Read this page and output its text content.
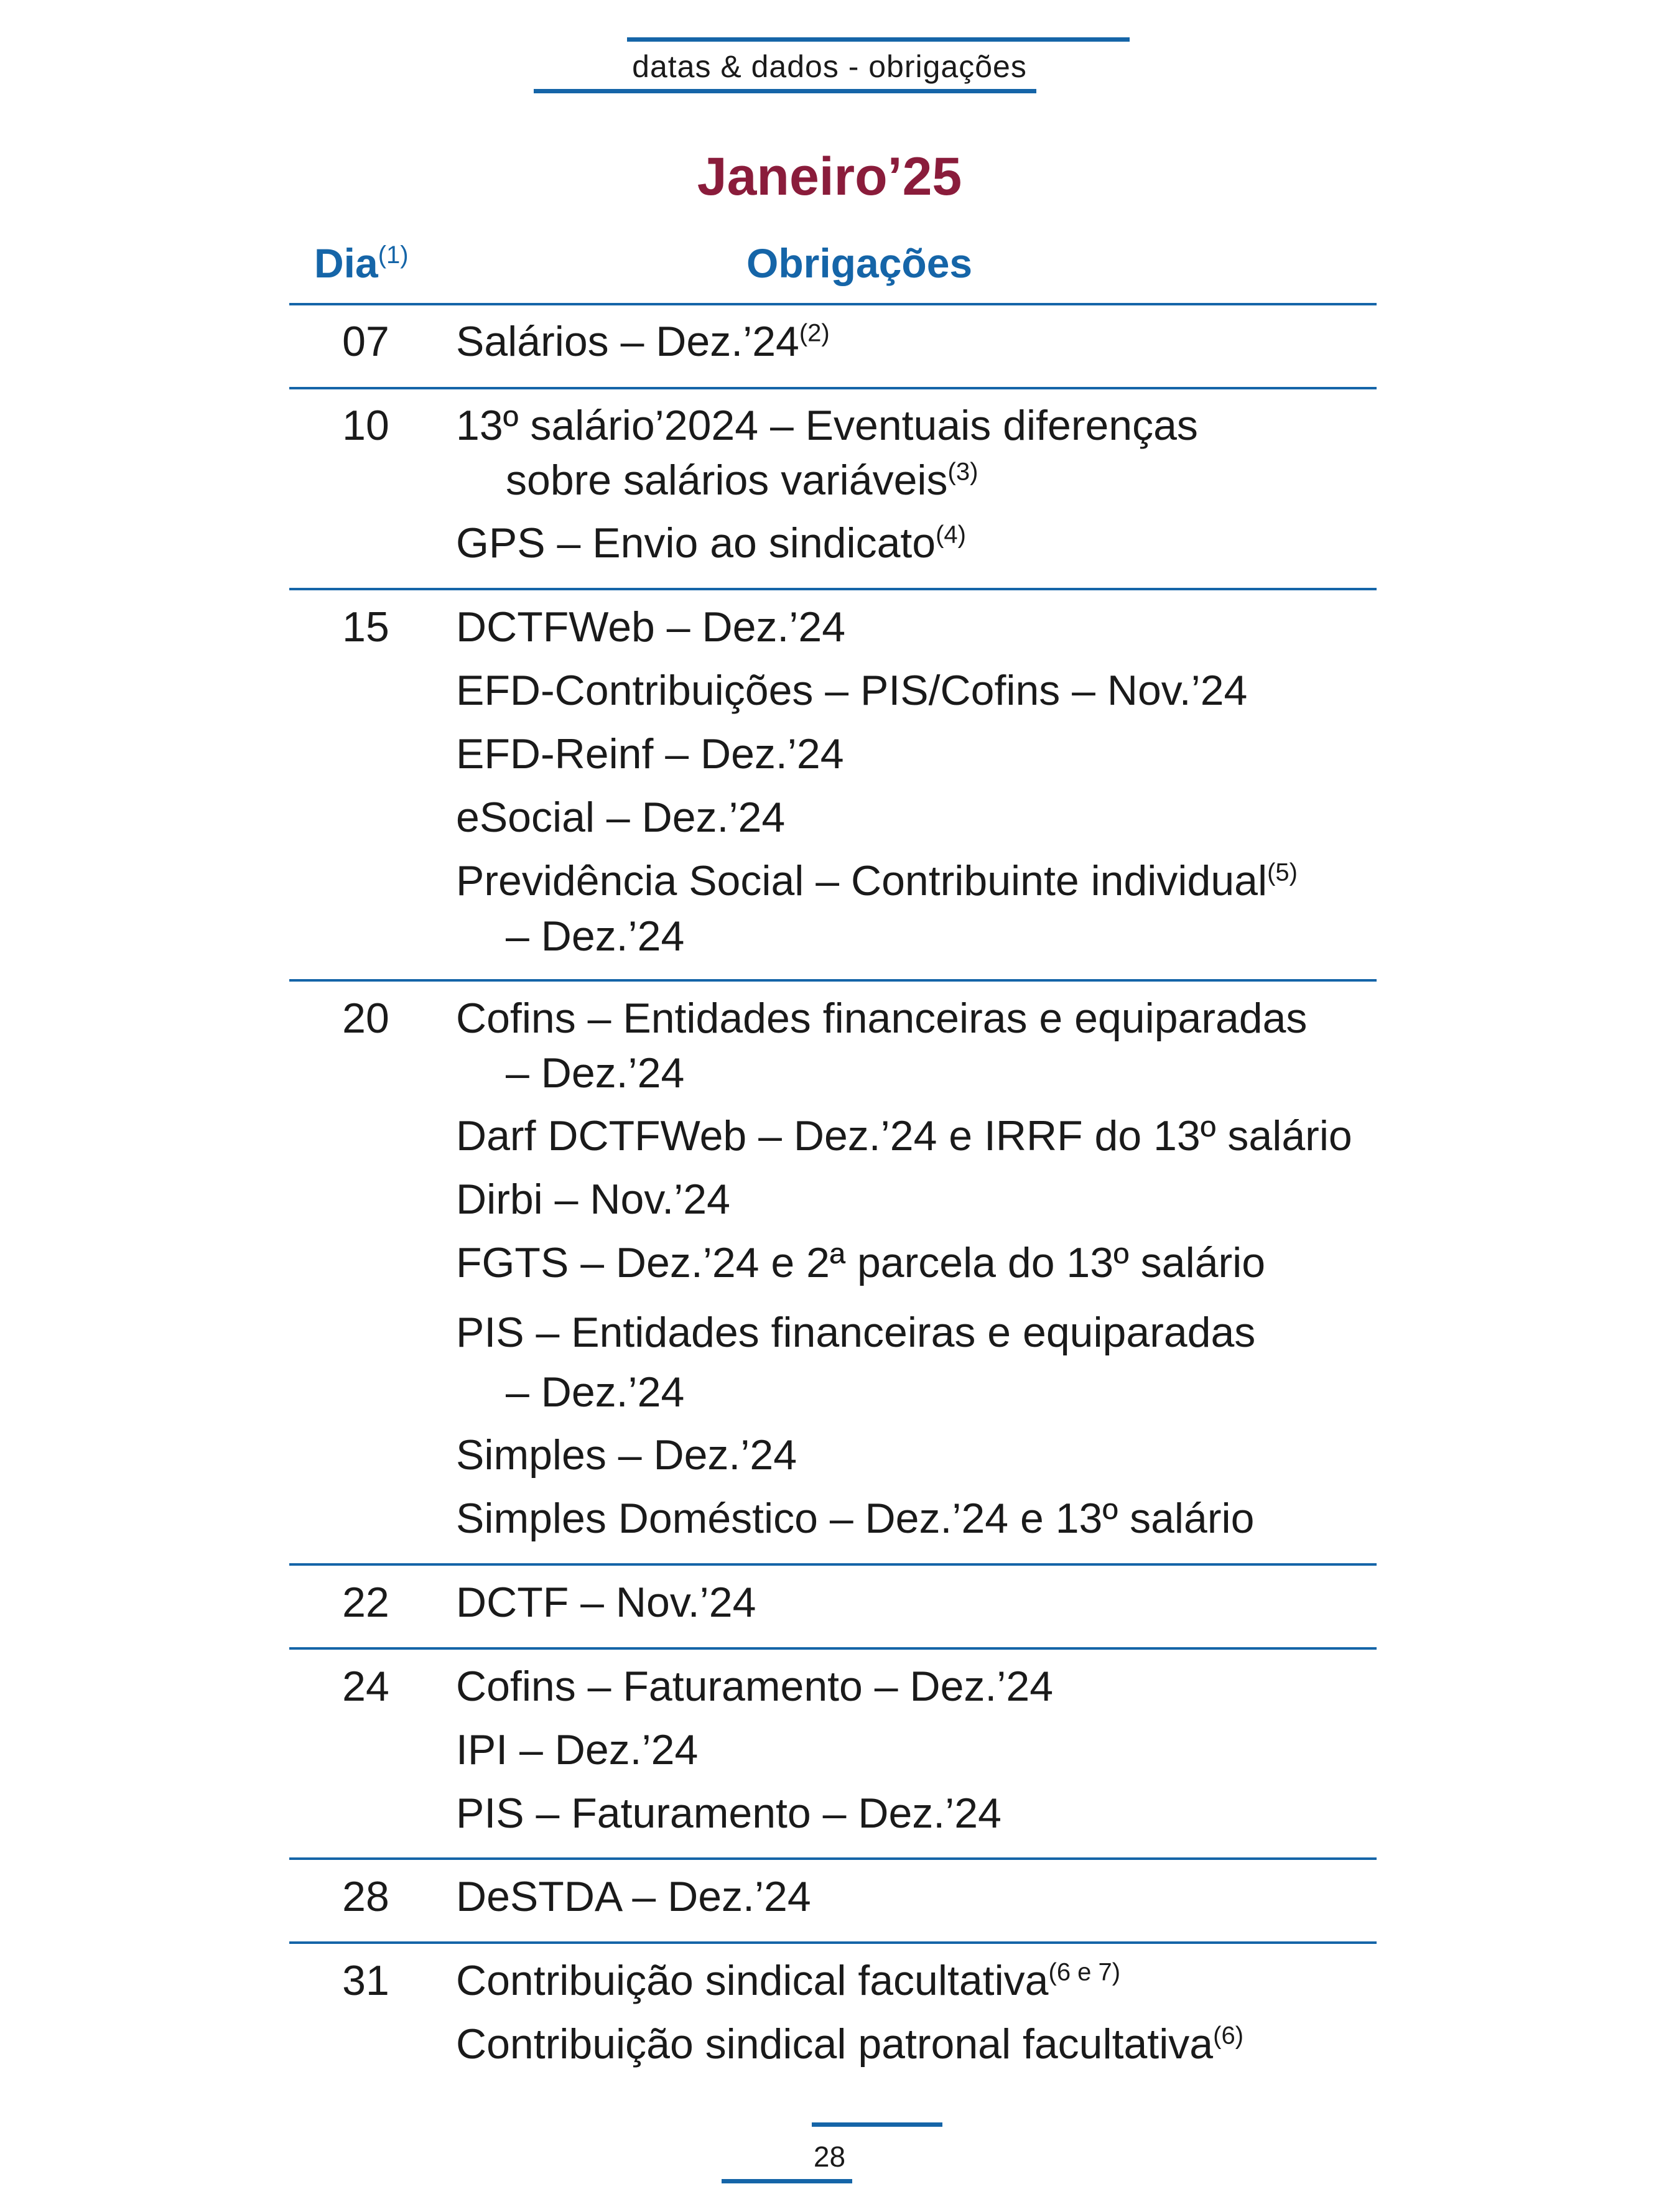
datas & dados - obrigações
Janeiro’25
Dia$^{(1)}$	Obrigações
07	Salários – Dez.’24$^{(2)}$
10	13º salário’2024 – Eventuais diferenças
sobre salários variáveis$^{(3)}$
GPS – Envio ao sindicato$^{(4)}$
15	DCTFWeb – Dez.’24
EFD-Contribuições – PIS/Cofins – Nov.’24
EFD-Reinf – Dez.’24
eSocial – Dez.’24
Previdência Social – Contribuinte individual$^{(5)}$
– Dez.’24
20	Cofins – Entidades financeiras e equiparadas
– Dez.’24
Darf DCTFWeb – Dez.’24 e IRRF do 13º salário
Dirbi – Nov.’24
FGTS – Dez.’24 e 2ª parcela do 13º salário
PIS – Entidades financeiras e equiparadas
– Dez.’24
Simples – Dez.’24
Simples Doméstico – Dez.’24 e 13º salário
22	DCTF – Nov.’24
24	Cofins – Faturamento – Dez.’24
IPI – Dez.’24
PIS – Faturamento – Dez.’24
28	DeSTDA – Dez.’24
31	Contribuição sindical facultativa$^{(6 e 7)}$
Contribuição sindical patronal facultativa$^{(6)}$
28
